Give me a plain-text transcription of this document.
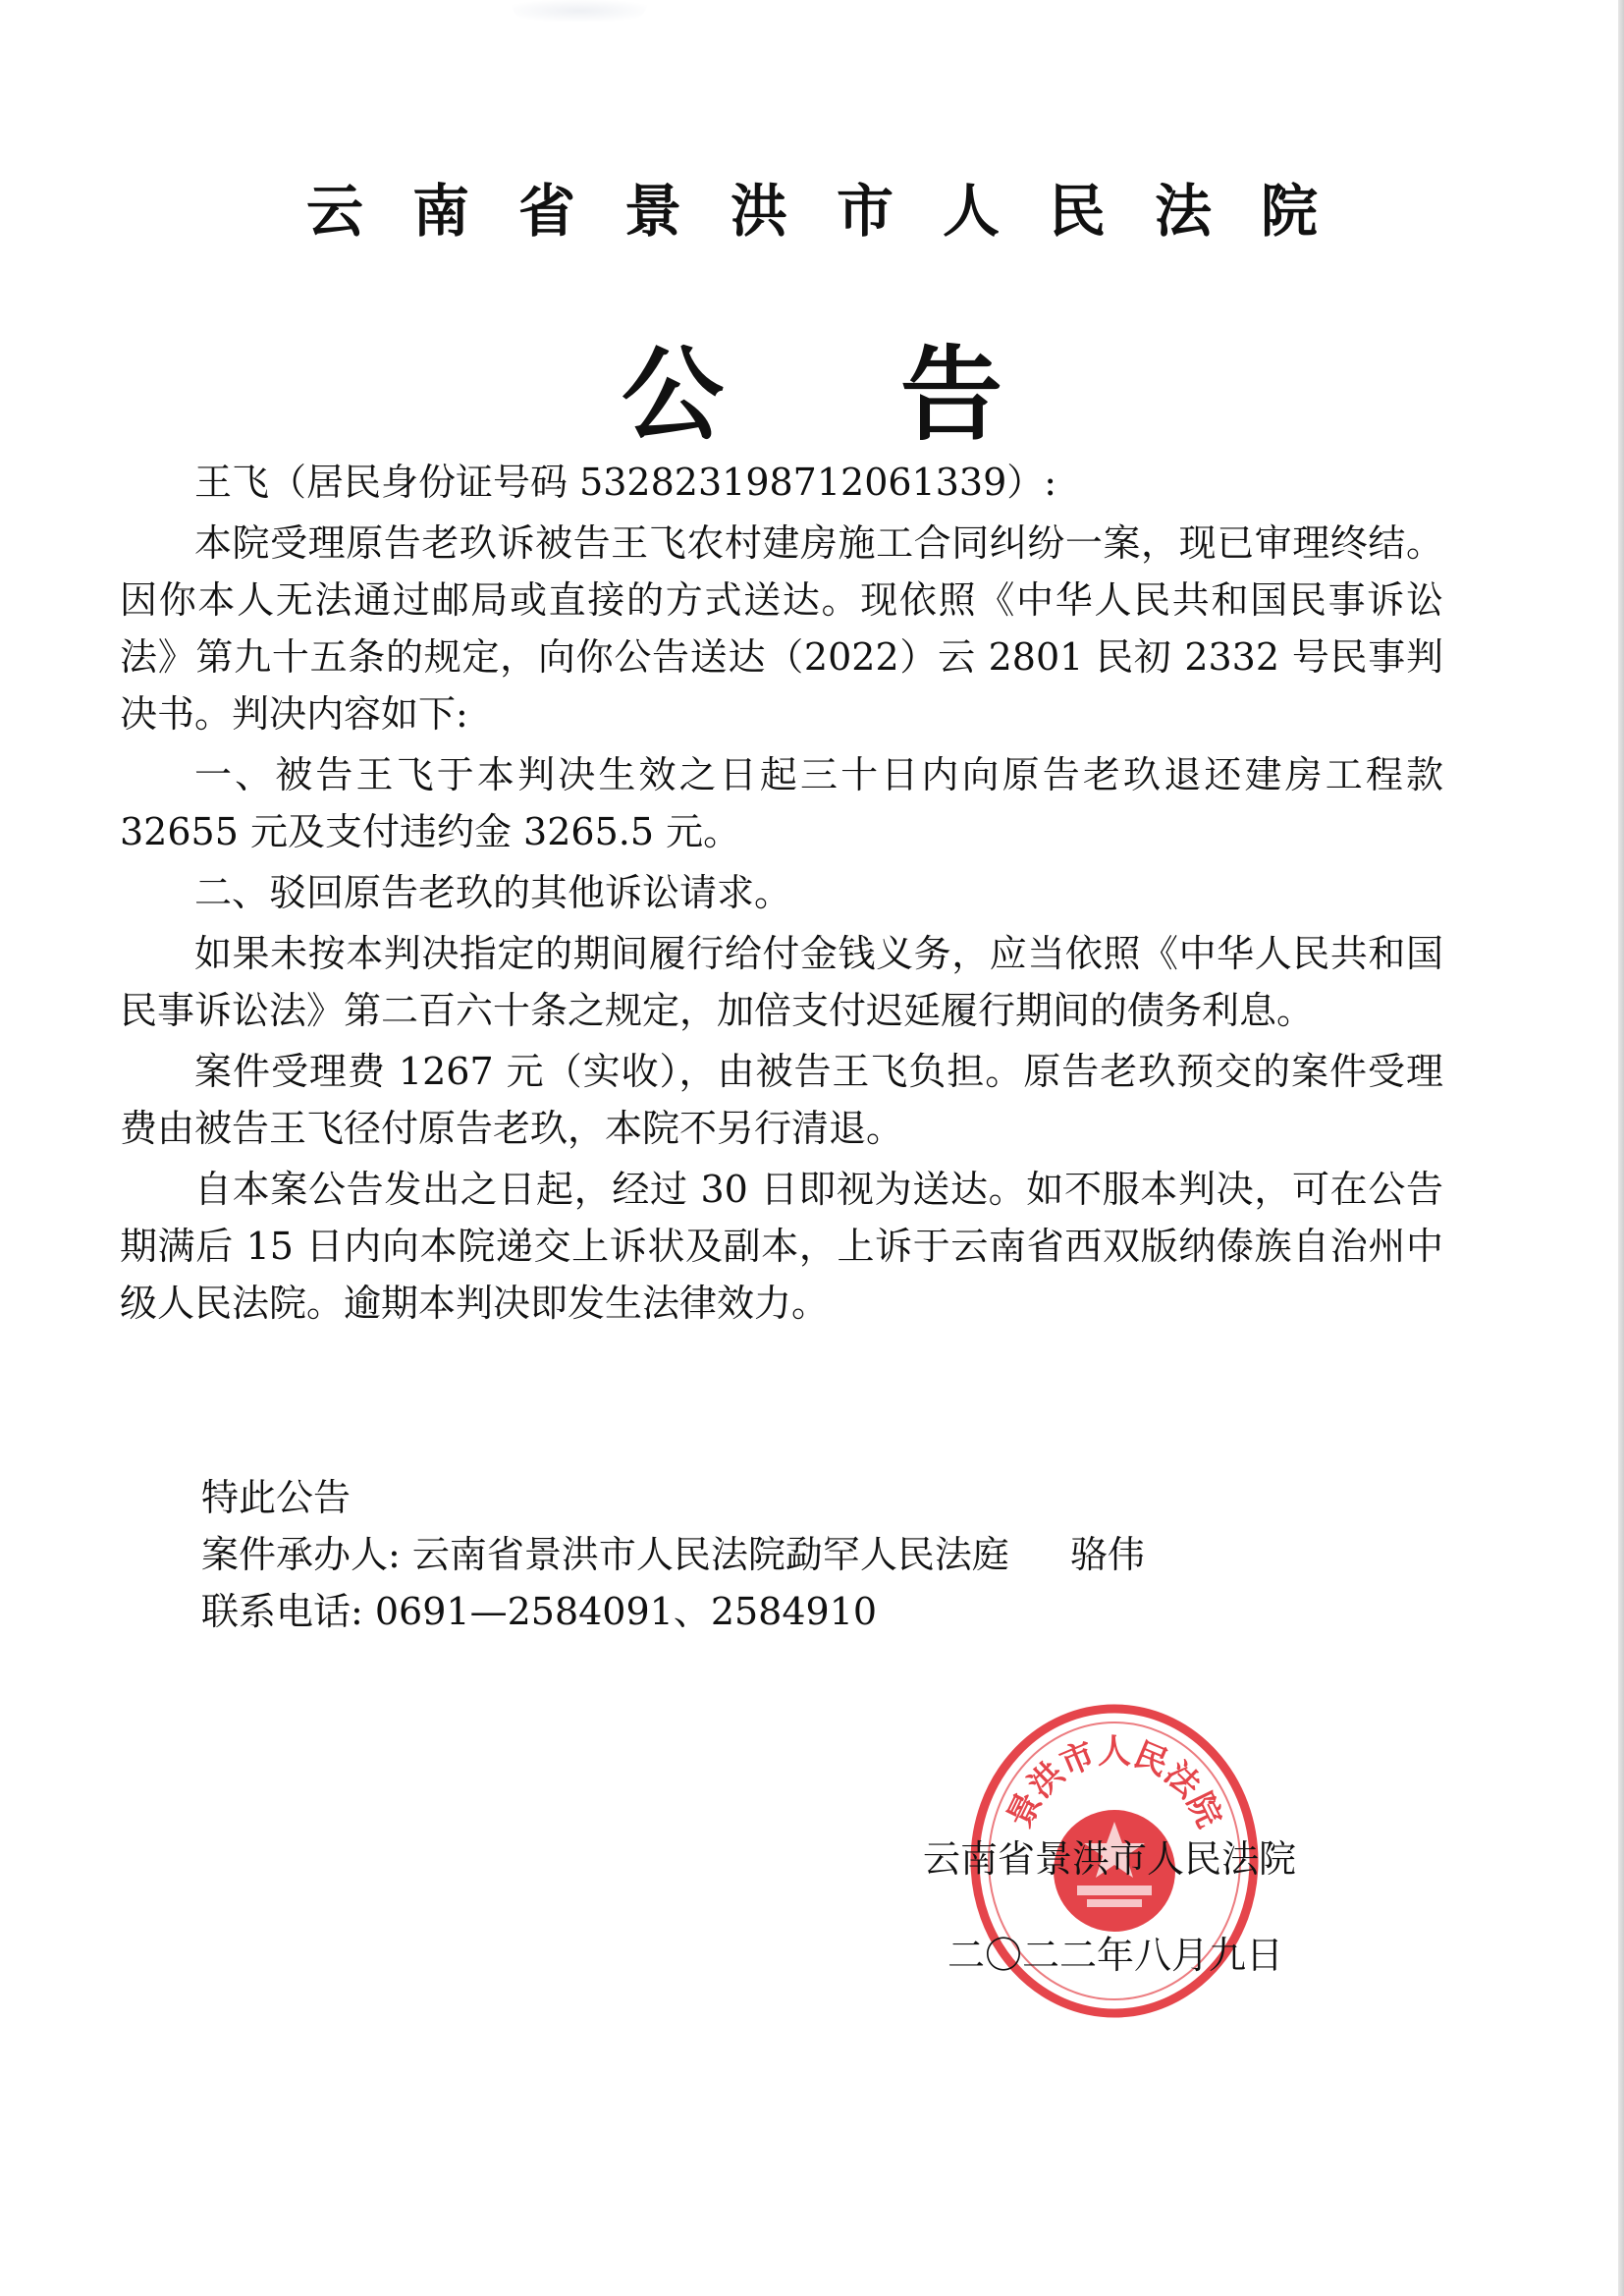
云南省景洪市人民法院
公告

王飞（居民身份证号码 532823198712061339）:

本院受理原告老玖诉被告王飞农村建房施工合同纠纷一案，现已审理终结。因你本人无法通过邮局或直接的方式送达。现依照《中华人民共和国民事诉讼法》第九十五条的规定，向你公告送达（2022）云 2801 民初 2332 号民事判决书。判决内容如下:

一、被告王飞于本判决生效之日起三十日内向原告老玖退还建房工程款 32655 元及支付违约金 3265.5 元。

二、驳回原告老玖的其他诉讼请求。

如果未按本判决指定的期间履行给付金钱义务，应当依照《中华人民共和国民事诉讼法》第二百六十条之规定，加倍支付迟延履行期间的债务利息。

案件受理费 1267 元（实收），由被告王飞负担。原告老玖预交的案件受理费由被告王飞径付原告老玖，本院不另行清退。

自本案公告发出之日起，经过 30 日即视为送达。如不服本判决，可在公告期满后 15 日内向本院递交上诉状及副本，上诉于云南省西双版纳傣族自治州中级人民法院。逾期本判决即发生法律效力。

特此公告
案件承办人: 云南省景洪市人民法院勐罕人民法庭 骆伟
联系电话: 0691—2584091、2584910
景洪市人民法院
云南省景洪市人民法院
二〇二二年八月九日
